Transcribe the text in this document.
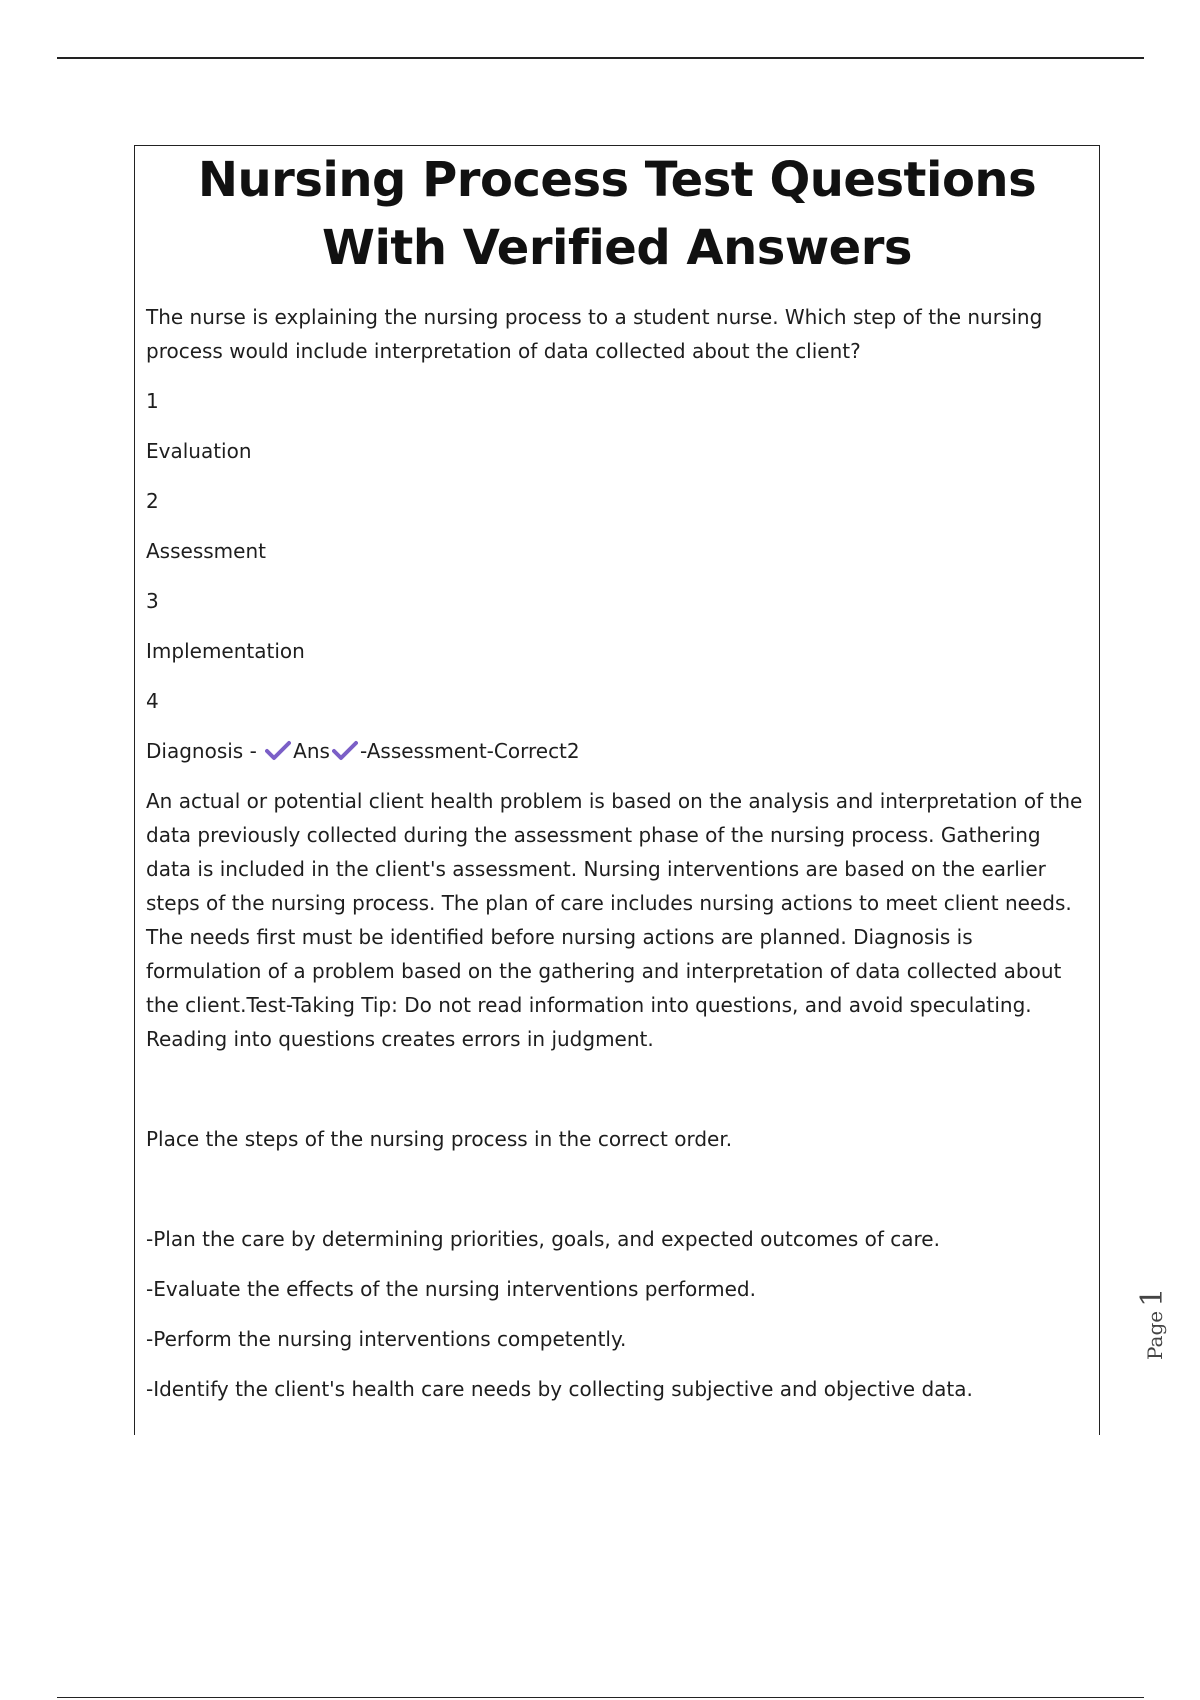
Nursing Process Test Questions With Verified Answers

The nurse is explaining the nursing process to a student nurse. Which step of the nursing process would include interpretation of data collected about the client?

1

Evaluation

2

Assessment

3

Implementation

4

Diagnosis - Ans -Assessment-Correct2

An actual or potential client health problem is based on the analysis and interpretation of the data previously collected during the assessment phase of the nursing process. Gathering data is included in the client's assessment. Nursing interventions are based on the earlier steps of the nursing process. The plan of care includes nursing actions to meet client needs. The needs first must be identified before nursing actions are planned. Diagnosis is formulation of a problem based on the gathering and interpretation of data collected about the client.Test-Taking Tip: Do not read information into questions, and avoid speculating. Reading into questions creates errors in judgment.

Place the steps of the nursing process in the correct order.

-Plan the care by determining priorities, goals, and expected outcomes of care.

-Evaluate the effects of the nursing interventions performed.

-Perform the nursing interventions competently.

-Identify the client's health care needs by collecting subjective and objective data.

Page1
